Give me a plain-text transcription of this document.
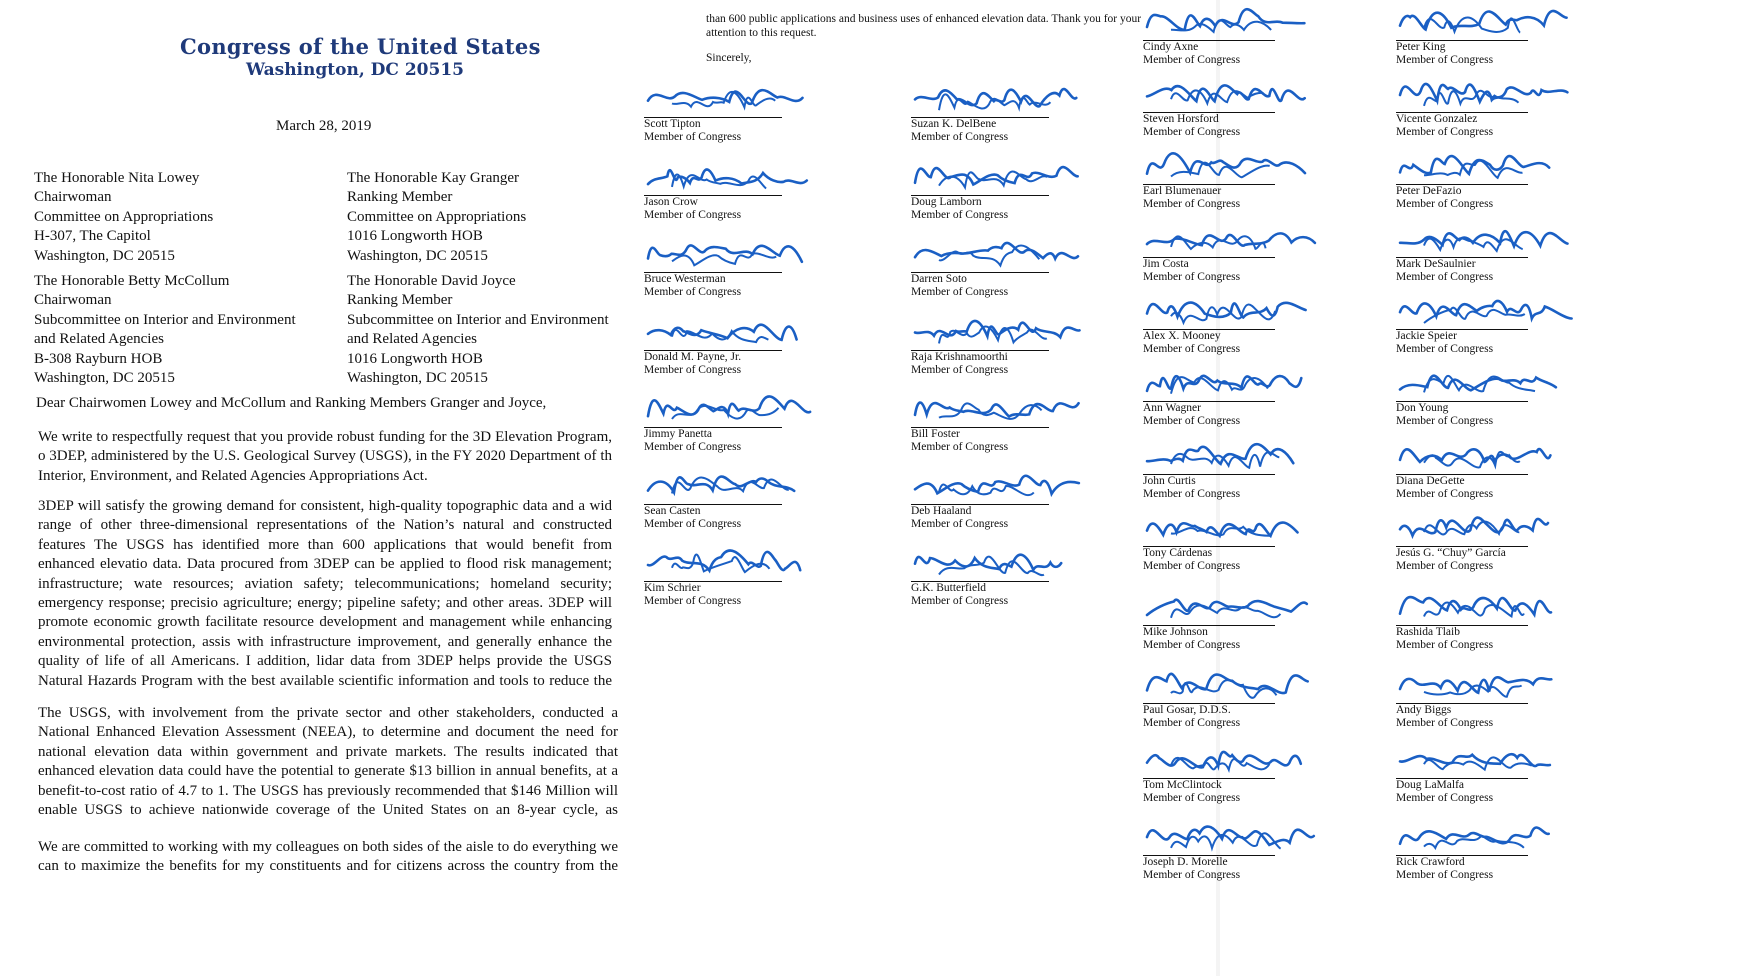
Congress of the United States
Washington, DC 20515
March 28, 2019
The Honorable Nita Lowey
Chairwoman
Committee on Appropriations
H-307, The Capitol
Washington, DC 20515
The Honorable Kay Granger
Ranking Member
Committee on Appropriations
1016 Longworth HOB
Washington, DC 20515
The Honorable Betty McCollum
Chairwoman
Subcommittee on Interior and Environment
and Related Agencies
B-308 Rayburn HOB
Washington, DC 20515
The Honorable David Joyce
Ranking Member
Subcommittee on Interior and Environment
and Related Agencies
1016 Longworth HOB
Washington, DC 20515
Dear Chairwomen Lowey and McCollum and Ranking Members Granger and Joyce,

We write to respectfully request that you provide robust funding for the 3D Elevation Program, o 3DEP, administered by the U.S. Geological Survey (USGS), in the FY 2020 Department of th Interior, Environment, and Related Agencies Appropriations Act.

3DEP will satisfy the growing demand for consistent, high-quality topographic data and a wid range of other three-dimensional representations of the Nation’s natural and constructed features The USGS has identified more than 600 applications that would benefit from enhanced elevatio data. Data procured from 3DEP can be applied to flood risk management; infrastructure; wate resources; aviation safety; telecommunications; homeland security; emergency response; precisio agriculture; energy; pipeline safety; and other areas. 3DEP will promote economic growth facilitate resource development and management while enhancing environmental protection, assis with infrastructure improvement, and generally enhance the quality of life of all Americans. I addition, lidar data from 3DEP helps provide the USGS Natural Hazards Program with the best available scientific information and tools to reduce the

The USGS, with involvement from the private sector and other stakeholders, conducted a National Enhanced Elevation Assessment (NEEA), to determine and document the need for national elevation data within government and private markets. The results indicated that enhanced elevation data could have the potential to generate $13 billion in annual benefits, at a benefit-to-cost ratio of 4.7 to 1. The USGS has previously recommended that $146 Million will enable USGS to achieve nationwide coverage of the United States on an 8-year cycle, as

We are committed to working with my colleagues on both sides of the aisle to do everything we can to maximize the benefits for my constituents and for citizens across the country from the

than 600 public applications and business uses of enhanced elevation data. Thank you for your attention to this request.

Sincerely,
Scott Tipton
Member of Congress
Suzan K. DelBene
Member of Congress
Jason Crow
Member of Congress
Doug Lamborn
Member of Congress
Bruce Westerman
Member of Congress
Darren Soto
Member of Congress
Donald M. Payne, Jr.
Member of Congress
Raja Krishnamoorthi
Member of Congress
Jimmy Panetta
Member of Congress
Bill Foster
Member of Congress
Sean Casten
Member of Congress
Deb Haaland
Member of Congress
Kim Schrier
Member of Congress
G.K. Butterfield
Member of Congress
Cindy Axne
Member of Congress
Peter King
Member of Congress
Steven Horsford
Member of Congress
Vicente Gonzalez
Member of Congress
Earl Blumenauer
Member of Congress
Peter DeFazio
Member of Congress
Jim Costa
Member of Congress
Mark DeSaulnier
Member of Congress
Alex X. Mooney
Member of Congress
Jackie Speier
Member of Congress
Ann Wagner
Member of Congress
Don Young
Member of Congress
John Curtis
Member of Congress
Diana DeGette
Member of Congress
Tony Cárdenas
Member of Congress
Jesús G. “Chuy” García
Member of Congress
Mike Johnson
Member of Congress
Rashida Tlaib
Member of Congress
Paul Gosar, D.D.S.
Member of Congress
Andy Biggs
Member of Congress
Tom McClintock
Member of Congress
Doug LaMalfa
Member of Congress
Joseph D. Morelle
Member of Congress
Rick Crawford
Member of Congress
